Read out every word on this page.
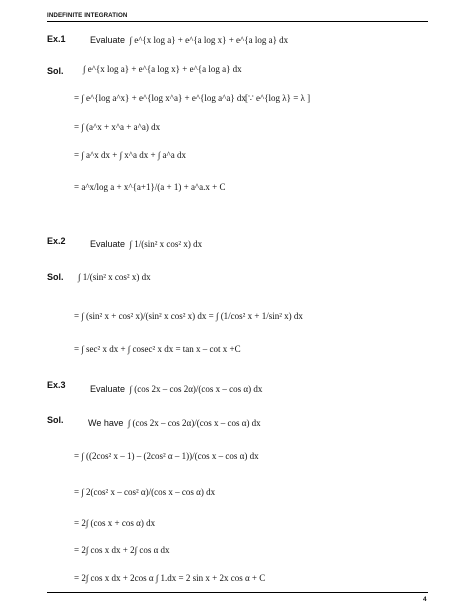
INDEFINITE INTEGRATION
Ex.1	Evaluate ∫ e^{x log a} + e^{a log x} + e^{a log a} dx
Sol. ∫ e^{x log a} + e^{a log x} + e^{a log a} dx
= ∫ e^{log a^x} + e^{log x^a} + e^{log a^a} dx [∵ e^{log λ} = λ ]
= ∫ (a^x + x^a + a^a) dx
= ∫ a^x dx + ∫ x^a dx + ∫ a^a dx
= a^x/log a + x^{a+1}/(a + 1) + a^a.x + C
Ex.2	Evaluate ∫ 1/(sin² x cos² x) dx
Sol. ∫ 1/(sin² x cos² x) dx
= ∫ (sin² x + cos² x)/(sin² x cos² x) dx = ∫ (1/cos² x + 1/sin² x) dx
= ∫ sec² x dx + ∫ cosec² x dx = tan x – cot x +C
Ex.3	Evaluate ∫ (cos 2x – cos 2α)/(cos x – cos α) dx
Sol.	We have ∫ (cos 2x – cos 2α)/(cos x – cos α) dx
= ∫ ((2cos² x – 1) – (2cos² α – 1))/(cos x – cos α) dx
= ∫ 2(cos² x – cos² α)/(cos x – cos α) dx
= 2∫ (cos x + cos α) dx
= 2∫ cos x dx + 2∫ cos α dx
= 2∫ cos x dx + 2cos α ∫ 1.dx = 2 sin x + 2x cos α + C
4
